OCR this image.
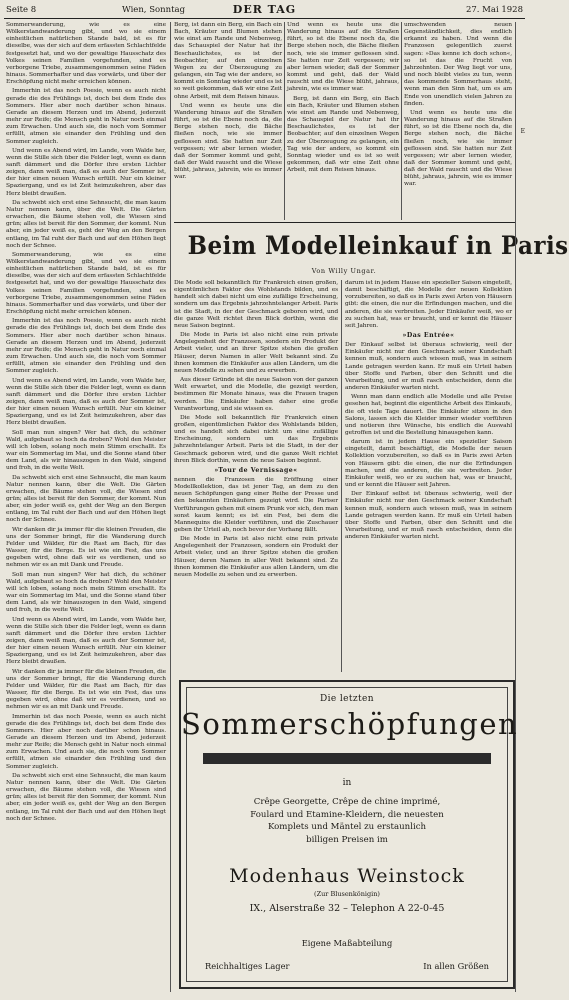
Seite 8	Wien, Sonntag	DER TAG	27. Mai 1928

Sommerwanderung, wie es eine Wölkerstandwanderung gibt, und wo sie einem einheitlichen natürlichen Stande bald, ist es für dieselbe, was der sich auf dem erfassten Schlachtfelde festgesetzt hat, und wo der gewaltige Hausschatz des Volkes seinen Familien vorgefunden, sind es verborgene Triebe, zusammengenommen seine Fäden hinaus. Sommerhafter und das vorwärts, und über der Erschöpfung nicht mehr erreichen können.

Immerhin ist das noch Poesie, wenn es auch nicht gerade die des Frühlings ist, doch bei dem Ende des Sommers. Hier aber noch darüber schon hinaus. Gerade an diesem Herzen und im Abend, jederzeit mehr zur Reife; die Mensch geht in Natur noch einmal zum Erwachen. Und auch sie, die noch vom Sommer erfüllt, atmen sie einander den Frühling und den Sommer zugleich.

Und wenn es Abend wird, im Lande, vom Walde her, wenn die Stille sich über die Felder legt, wenn es dann sanft dämmert und die Dörfer ihre ersten Lichter zeigen, dann weiß man, daß es auch der Sommer ist, der hier einen neuen Wunsch erfüllt. Nur ein kleiner Spaziergang, und es ist Zeit heimzukehren, aber das Herz bleibt draußen.

Da schwebt sich erst eine Sehnsucht, die man kaum Natur nennen kann, über die Welt. Die Gärten erwachen, die Bäume stehen voll, die Wiesen sind grün; alles ist bereit für den Sommer, der kommt. Nun aber, ein jeder weiß es, geht der Weg an den Bergen entlang, im Tal ruht der Bach und auf den Höhen liegt noch der Schnee.

Sommerwanderung, wie es eine Wölkerstandwanderung gibt, und wo sie einem einheitlichen natürlichen Stande bald, ist es für dieselbe, was der sich auf dem erfassten Schlachtfelde festgesetzt hat, und wo der gewaltige Hausschatz des Volkes seinen Familien vorgefunden, sind es verborgene Triebe, zusammengenommen seine Fäden hinaus. Sommerhafter und das vorwärts, und über der Erschöpfung nicht mehr erreichen können.

Immerhin ist das noch Poesie, wenn es auch nicht gerade die des Frühlings ist, doch bei dem Ende des Sommers. Hier aber noch darüber schon hinaus. Gerade an diesem Herzen und im Abend, jederzeit mehr zur Reife; die Mensch geht in Natur noch einmal zum Erwachen. Und auch sie, die noch vom Sommer erfüllt, atmen sie einander den Frühling und den Sommer zugleich.

Und wenn es Abend wird, im Lande, vom Walde her, wenn die Stille sich über die Felder legt, wenn es dann sanft dämmert und die Dörfer ihre ersten Lichter zeigen, dann weiß man, daß es auch der Sommer ist, der hier einen neuen Wunsch erfüllt. Nur ein kleiner Spaziergang, und es ist Zeit heimzukehren, aber das Herz bleibt draußen.

Soll man nun singen? Wer hat dich, du schöner Wald, aufgebaut so hoch da droben? Wohl den Meister will ich loben, solang noch mein Stimm erschallt. Es war ein Sommertag im Mai, und die Sonne stand über dem Land, als wir hinauszogen in den Wald, singend und froh, in die weite Welt.

Da schwebt sich erst eine Sehnsucht, die man kaum Natur nennen kann, über die Welt. Die Gärten erwachen, die Bäume stehen voll, die Wiesen sind grün; alles ist bereit für den Sommer, der kommt. Nun aber, ein jeder weiß es, geht der Weg an den Bergen entlang, im Tal ruht der Bach und auf den Höhen liegt noch der Schnee.

Wir danken dir ja immer für die kleinen Freuden, die uns der Sommer bringt, für die Wanderung durch Felder und Wälder, für die Rast am Bach, für das Wasser, für die Berge. Es ist wie ein Fest, das uns gegeben wird, ohne daß wir es verdienen, und so nehmen wir es an mit Dank und Freude.

Soll man nun singen? Wer hat dich, du schöner Wald, aufgebaut so hoch da droben? Wohl den Meister will ich loben, solang noch mein Stimm erschallt. Es war ein Sommertag im Mai, und die Sonne stand über dem Land, als wir hinauszogen in den Wald, singend und froh, in die weite Welt.

Und wenn es Abend wird, im Lande, vom Walde her, wenn die Stille sich über die Felder legt, wenn es dann sanft dämmert und die Dörfer ihre ersten Lichter zeigen, dann weiß man, daß es auch der Sommer ist, der hier einen neuen Wunsch erfüllt. Nur ein kleiner Spaziergang, und es ist Zeit heimzukehren, aber das Herz bleibt draußen.

Wir danken dir ja immer für die kleinen Freuden, die uns der Sommer bringt, für die Wanderung durch Felder und Wälder, für die Rast am Bach, für das Wasser, für die Berge. Es ist wie ein Fest, das uns gegeben wird, ohne daß wir es verdienen, und so nehmen wir es an mit Dank und Freude.

Immerhin ist das noch Poesie, wenn es auch nicht gerade die des Frühlings ist, doch bei dem Ende des Sommers. Hier aber noch darüber schon hinaus. Gerade an diesem Herzen und im Abend, jederzeit mehr zur Reife; die Mensch geht in Natur noch einmal zum Erwachen. Und auch sie, die noch vom Sommer erfüllt, atmen sie einander den Frühling und den Sommer zugleich.

Da schwebt sich erst eine Sehnsucht, die man kaum Natur nennen kann, über die Welt. Die Gärten erwachen, die Bäume stehen voll, die Wiesen sind grün; alles ist bereit für den Sommer, der kommt. Nun aber, ein jeder weiß es, geht der Weg an den Bergen entlang, im Tal ruht der Bach und auf den Höhen liegt noch der Schnee.

Berg, ist dann ein Berg, ein Bach ein Bach, Kräuter und Blumen stehen wie einst am Rande und Nebenweg, das Schauspiel der Natur hat ihr Beschaulichstes, es ist der Beobachter, auf den einzelnen Wegen zu der Überzeugung zu gelangen, ein Tag wie der andere, so kommt ein Sonntag wieder und es ist so weit gekommen, daß wir eine Zeit ohne Arbeit, mit dem Reisen hinaus.

Und wenn es heute uns die Wanderung hinaus auf die Straßen führt, so ist die Ebene noch da, die Berge stehen noch, die Bäche fließen noch, wie sie immer geflossen sind. Sie hatten nur Zeit vergessen; wir aber lernen wieder, daß der Sommer kommt und geht, daß der Wald rauscht und die Wiese blüht, jahraus, jahrein, wie es immer war.

Und wenn es heute uns die Wanderung hinaus auf die Straßen führt, so ist die Ebene noch da, die Berge stehen noch, die Bäche fließen noch, wie sie immer geflossen sind. Sie hatten nur Zeit vergessen; wir aber lernen wieder, daß der Sommer kommt und geht, daß der Wald rauscht und die Wiese blüht, jahraus, jahrein, wie es immer war.

Berg, ist dann ein Berg, ein Bach ein Bach, Kräuter und Blumen stehen wie einst am Rande und Nebenweg, das Schauspiel der Natur hat ihr Beschaulichstes, es ist der Beobachter, auf den einzelnen Wegen zu der Überzeugung zu gelangen, ein Tag wie der andere, so kommt ein Sonntag wieder und es ist so weit gekommen, daß wir eine Zeit ohne Arbeit, mit dem Reisen hinaus.

umschwenden neuen Gegenständlichkeit, dies endlich erkannt zu haben. Und wenn die Franzosen gelegentlich zuerst sagen: »Das kenne ich doch schon«, so ist das die Frucht von Jahrzehnten. Der Weg liegt vor uns, und noch bleibt vieles zu tun, wenn das kommende Sommerhaus steht, wenn man den Sinn hat, um es am Ende von unendlich vielen Jahren zu finden.

Und wenn es heute uns die Wanderung hinaus auf die Straßen führt, so ist die Ebene noch da, die Berge stehen noch, die Bäche fließen noch, wie sie immer geflossen sind. Sie hatten nur Zeit vergessen; wir aber lernen wieder, daß der Sommer kommt und geht, daß der Wald rauscht und die Wiese blüht, jahraus, jahrein, wie es immer war.

Beim Modelleinkauf in Paris
Von Willy Ungar.

Die Mode soll bekanntlich für Frankreich einen großen, eigentümlichen Faktor des Wohlstands bilden, und es handelt sich dabei nicht um eine zufällige Erscheinung, sondern um das Ergebnis jahrzehntelanger Arbeit. Paris ist die Stadt, in der der Geschmack geboren wird, und die ganze Welt richtet ihren Blick dorthin, wenn die neue Saison beginnt.

Die Mode in Paris ist also nicht eine rein private Angelegenheit der Franzosen, sondern ein Produkt der Arbeit vieler, und an ihrer Spitze stehen die großen Häuser, deren Namen in aller Welt bekannt sind. Zu ihnen kommen die Einkäufer aus allen Ländern, um die neuen Modelle zu sehen und zu erwerben.

Aus dieser Gründe ist die neue Saison von der ganzen Welt erwartet, und die Modelle, die gezeigt werden, bestimmen für Monate hinaus, was die Frauen tragen werden. Die Einkäufer haben daher eine große Verantwortung, und sie wissen es.

Die Mode soll bekanntlich für Frankreich einen großen, eigentümlichen Faktor des Wohlstands bilden, und es handelt sich dabei nicht um eine zufällige Erscheinung, sondern um das Ergebnis jahrzehntelanger Arbeit. Paris ist die Stadt, in der der Geschmack geboren wird, und die ganze Welt richtet ihren Blick dorthin, wenn die neue Saison beginnt.

»Tour de Vernissage«

nennen die Franzosen die Eröffnung einer Modellkollektion, das ist jener Tag, an dem zu den neuen Schöpfungen gang einer Reihe der Presse und den bekannten Einkäufern gezeigt wird. Die Pariser Vorführungen gehen mit einem Prunk vor sich, den man sonst kaum kennt; es ist ein Fest, bei dem die Mannequins die Kleider vorführen, und die Zuschauer geben ihr Urteil ab, noch bevor der Vorhang fällt.

Die Mode in Paris ist also nicht eine rein private Angelegenheit der Franzosen, sondern ein Produkt der Arbeit vieler, und an ihrer Spitze stehen die großen Häuser, deren Namen in aller Welt bekannt sind. Zu ihnen kommen die Einkäufer aus allen Ländern, um die neuen Modelle zu sehen und zu erwerben.

darum ist in jedem Hause ein spezieller Saison eingeteilt, damit beschäftigt, die Modelle der neuen Kollektion vorzubereiten, so daß es in Paris zwei Arten von Häusern gibt: die einen, die nur die Erfindungen machen, und die anderen, die sie verbreiten. Jeder Einkäufer weiß, wo er zu suchen hat, was er braucht, und er kennt die Häuser seit Jahren.

»Das Entrée«

Der Einkauf selbst ist überaus schwierig, weil der Einkäufer nicht nur den Geschmack seiner Kundschaft kennen muß, sondern auch wissen muß, was in seinem Lande getragen werden kann. Er muß ein Urteil haben über Stoffe und Farben, über den Schnitt und die Verarbeitung, und er muß rasch entscheiden, denn die anderen Einkäufer warten nicht.

Wenn man dann endlich alle Modelle und alle Preise gesehen hat, beginnt die eigentliche Arbeit des Einkaufs, die oft viele Tage dauert. Die Einkäufer sitzen in den Salons, lassen sich die Kleider immer wieder vorführen und notieren ihre Wünsche, bis endlich die Auswahl getroffen ist und die Bestellung hinausgehen kann.

darum ist in jedem Hause ein spezieller Saison eingeteilt, damit beschäftigt, die Modelle der neuen Kollektion vorzubereiten, so daß es in Paris zwei Arten von Häusern gibt: die einen, die nur die Erfindungen machen, und die anderen, die sie verbreiten. Jeder Einkäufer weiß, wo er zu suchen hat, was er braucht, und er kennt die Häuser seit Jahren.

Der Einkauf selbst ist überaus schwierig, weil der Einkäufer nicht nur den Geschmack seiner Kundschaft kennen muß, sondern auch wissen muß, was in seinem Lande getragen werden kann. Er muß ein Urteil haben über Stoffe und Farben, über den Schnitt und die Verarbeitung, und er muß rasch entscheiden, denn die anderen Einkäufer warten nicht.

E
Die letzten
Sommerschöpfungen
in
Crêpe Georgette, Crêpe de chine imprimé,
Foulard und Etamine-Kleidern, die neuesten
Komplets und Mäntel zu erstaunlich
billigen Preisen im
Modenhaus Weinstock
(Zur Blusenkönigin)
IX., Alserstraße 32 – Telephon A 22-0-45
Eigene Maßabteilung
Reichhaltiges Lager	In allen Größen
